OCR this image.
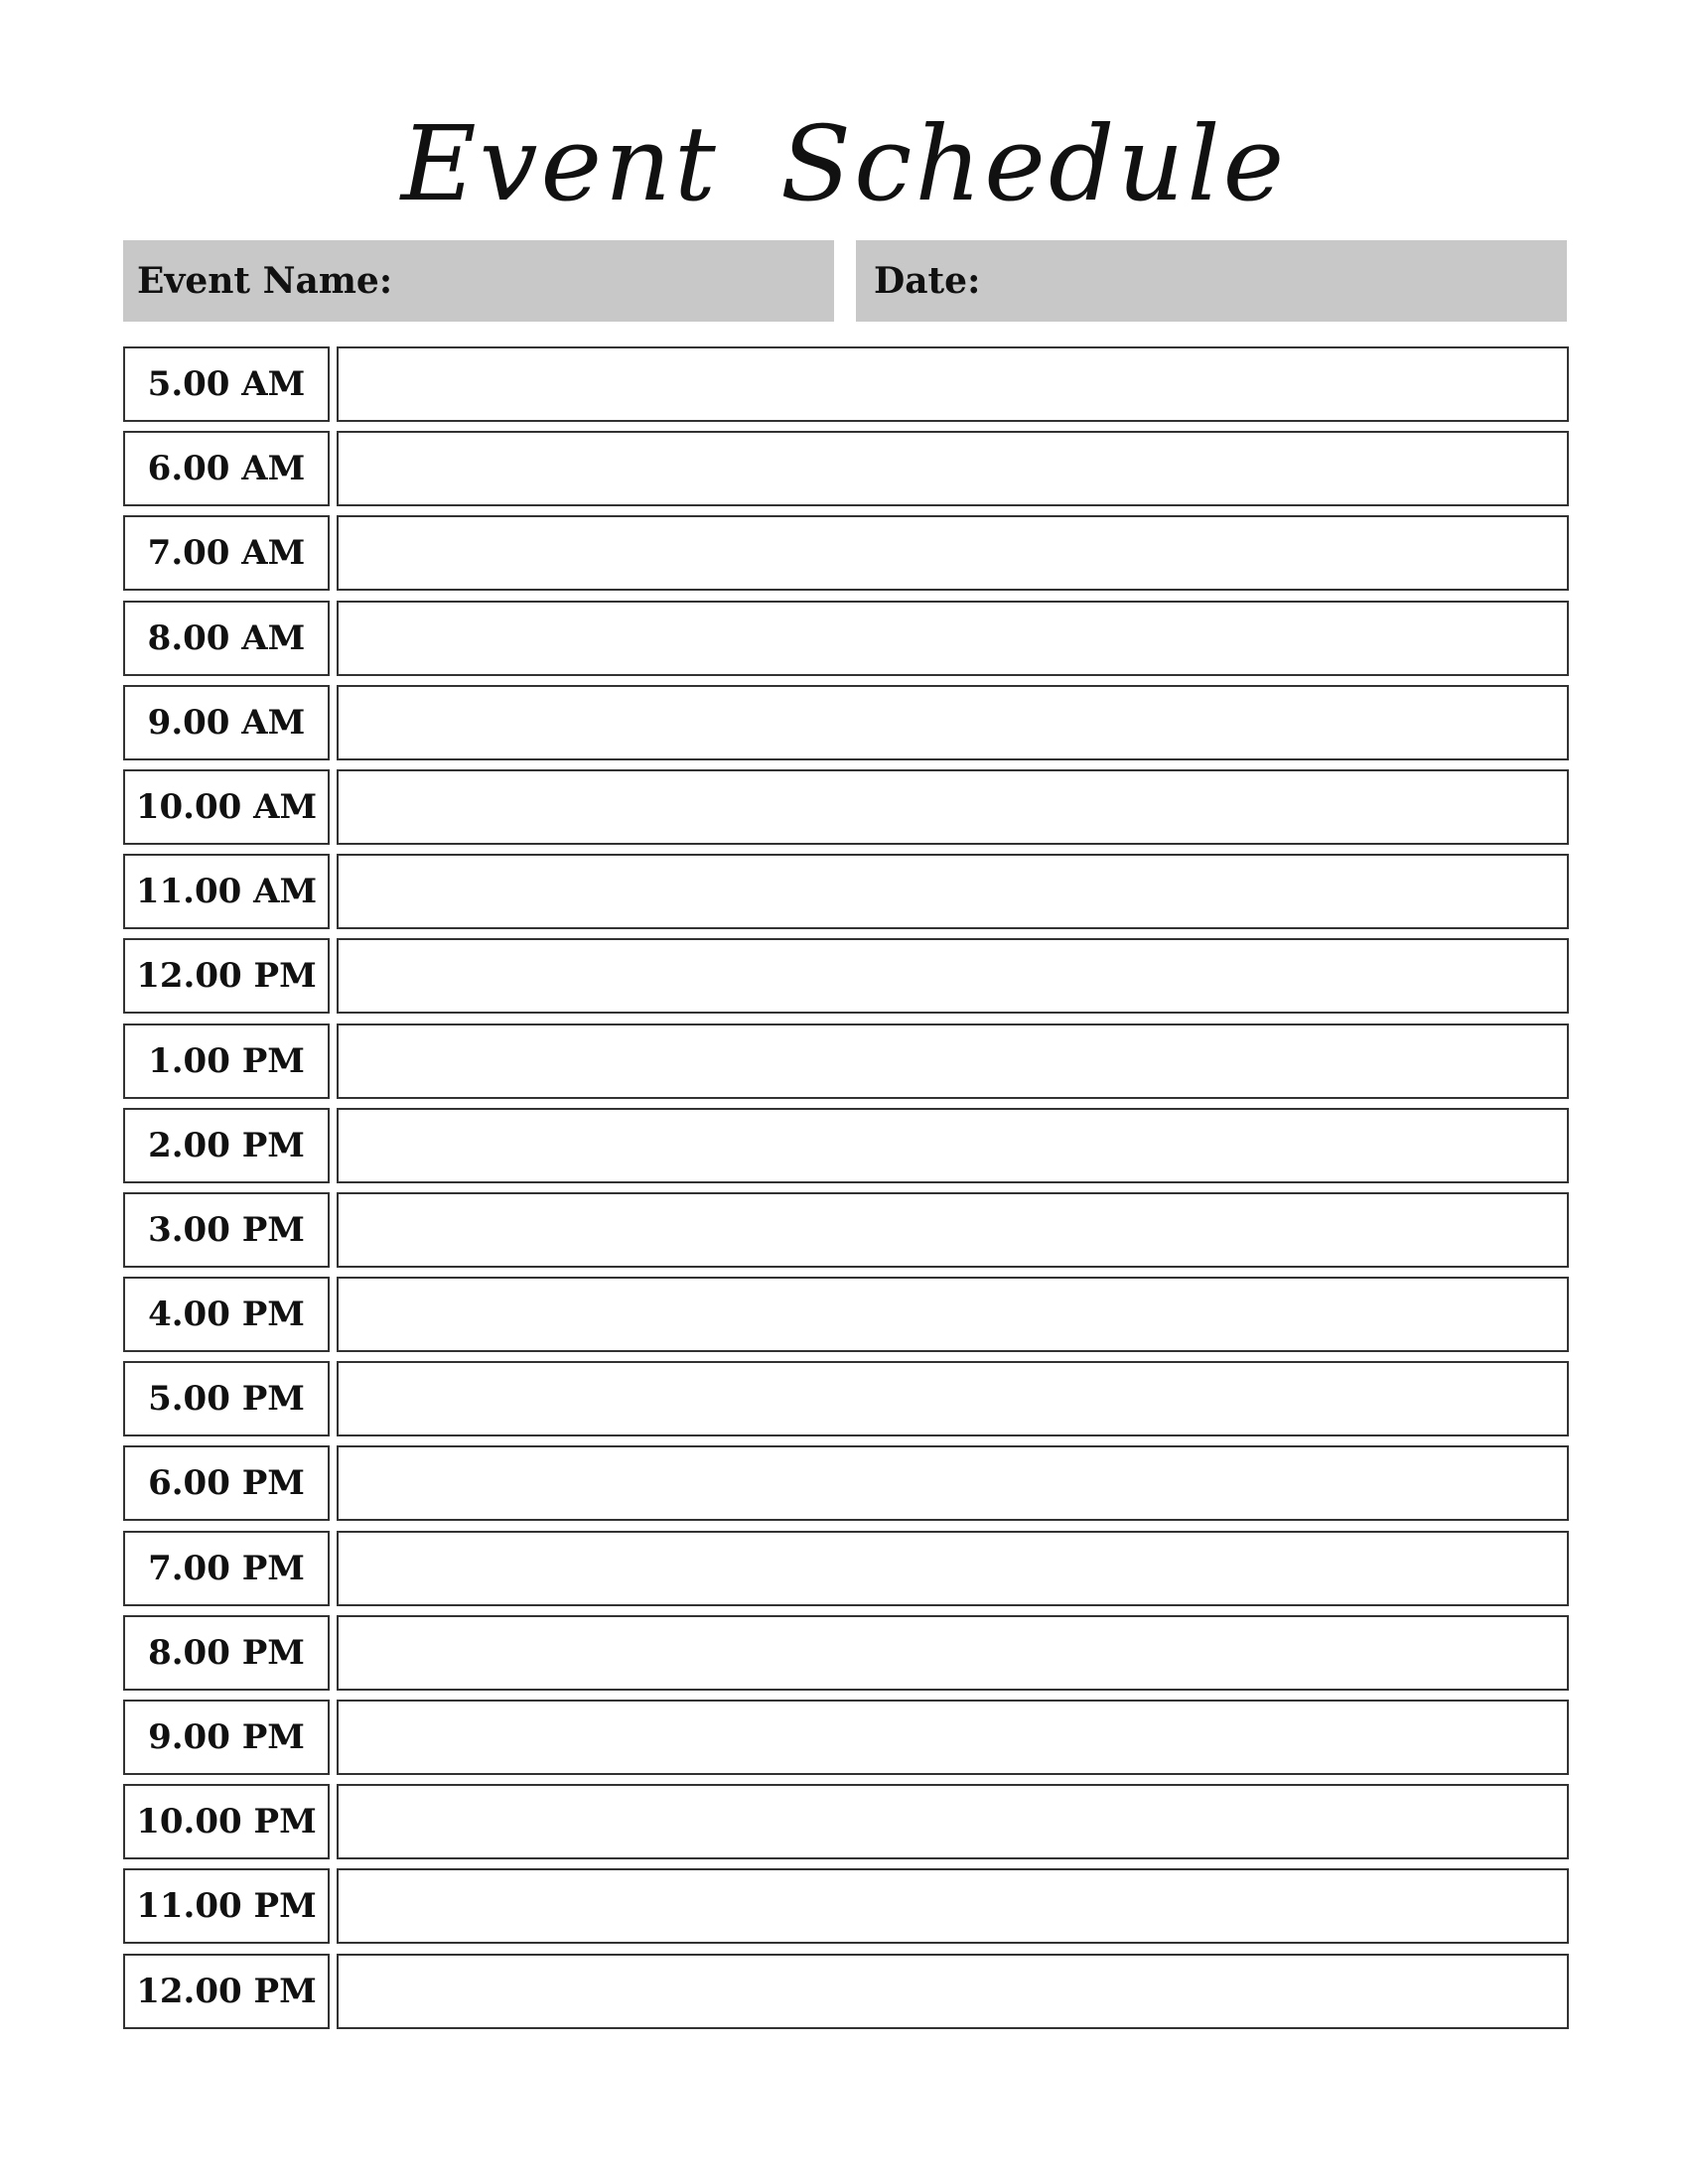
Event Schedule
Event Name:	Date:
5.00 AM
6.00 AM
7.00 AM
8.00 AM
9.00 AM
10.00 AM
11.00 AM
12.00 PM
1.00 PM
2.00 PM
3.00 PM
4.00 PM
5.00 PM
6.00 PM
7.00 PM
8.00 PM
9.00 PM
10.00 PM
11.00 PM
12.00 PM
